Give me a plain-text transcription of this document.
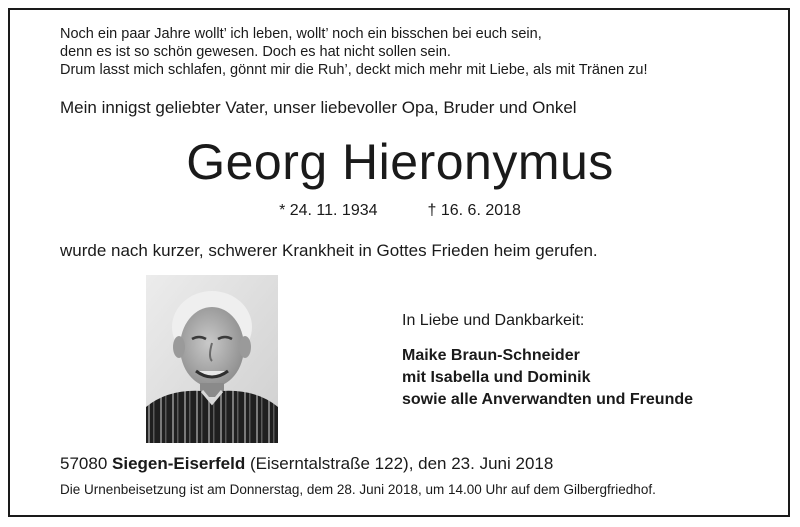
Noch ein paar Jahre wollt’ ich leben, wollt’ noch ein bisschen bei euch sein,
denn es ist so schön gewesen. Doch es hat nicht sollen sein.
Drum lasst mich schlafen, gönnt mir die Ruh’, deckt mich mehr mit Liebe, als mit Tränen zu!
Mein innigst geliebter Vater, unser liebevoller Opa, Bruder und Onkel
Georg Hieronymus
* 24. 11. 1934	† 16. 6. 2018
wurde nach kurzer, schwerer Krankheit in Gottes Frieden heim gerufen.
In Liebe und Dankbarkeit:
Maike Braun-Schneider
mit Isabella und Dominik
sowie alle Anverwandten und Freunde
57080 Siegen-Eiserfeld (Eiserntalstraße 122), den 23. Juni 2018
Die Urnenbeisetzung ist am Donnerstag, dem 28. Juni 2018, um 14.00 Uhr auf dem Gilbergfriedhof.
